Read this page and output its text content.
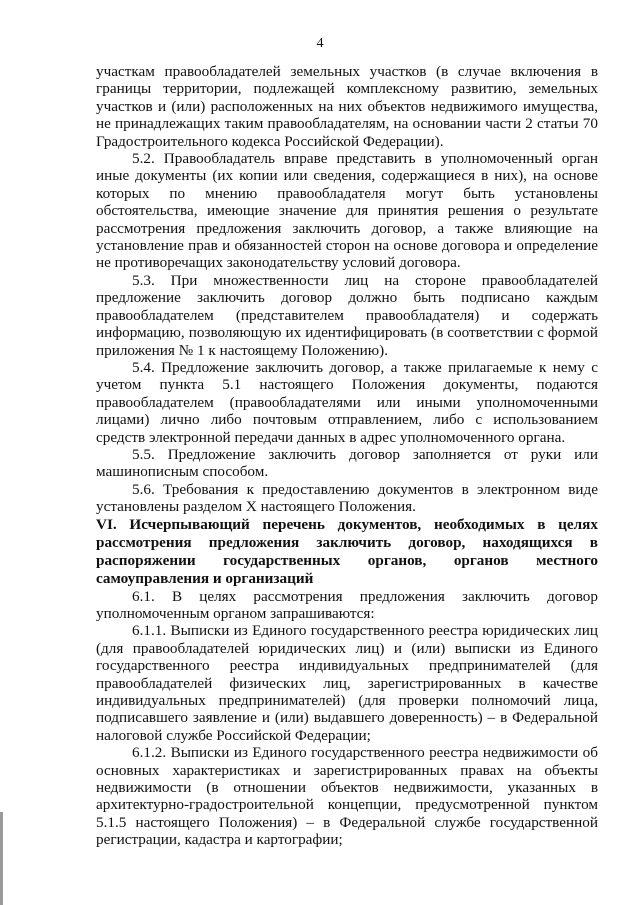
4

участкам правообладателей земельных участков (в случае включения в границы территории, подлежащей комплексному развитию, земельных участков и (или) расположенных на них объектов недвижимого имущества, не принадлежащих таким правообладателям, на основании части 2 статьи 70 Градостроительного кодекса Российской Федерации).

5.2. Правообладатель вправе представить в уполномоченный орган иные документы (их копии или сведения, содержащиеся в них), на основе которых по мнению правообладателя могут быть установлены обстоятельства, имеющие значение для принятия решения о результате рассмотрения предложения заключить договор, а также влияющие на установление прав и обязанностей сторон на основе договора и определение не противоречащих законодательству условий договора.

5.3. При множественности лиц на стороне правообладателей предложение заключить договор должно быть подписано каждым правообладателем (представителем правообладателя) и содержать информацию, позволяющую их идентифицировать (в соответствии с формой приложения № 1 к настоящему Положению).

5.4. Предложение заключить договор, а также прилагаемые к нему с учетом пункта 5.1 настоящего Положения документы, подаются правообладателем (правообладателями или иными уполномоченными лицами) лично либо почтовым отправлением, либо с использованием средств электронной передачи данных в адрес уполномоченного органа.

5.5. Предложение заключить договор заполняется от руки или машинописным способом.

5.6. Требования к предоставлению документов в электронном виде установлены разделом X настоящего Положения.

VI. Исчерпывающий перечень документов, необходимых в целях рассмотрения предложения заключить договор, находящихся в распоряжении государственных органов, органов местного самоуправления и организаций

6.1. В целях рассмотрения предложения заключить договор уполномоченным органом запрашиваются:

6.1.1. Выписки из Единого государственного реестра юридических лиц (для правообладателей юридических лиц) и (или) выписки из Единого государственного реестра индивидуальных предпринимателей (для правообладателей физических лиц, зарегистрированных в качестве индивидуальных предпринимателей) (для проверки полномочий лица, подписавшего заявление и (или) выдавшего доверенность) – в Федеральной налоговой службе Российской Федерации;

6.1.2. Выписки из Единого государственного реестра недвижимости об основных характеристиках и зарегистрированных правах на объекты недвижимости (в отношении объектов недвижимости, указанных в архитектурно-градостроительной концепции, предусмотренной пунктом 5.1.5 настоящего Положения) – в Федеральной службе государственной регистрации, кадастра и картографии;
